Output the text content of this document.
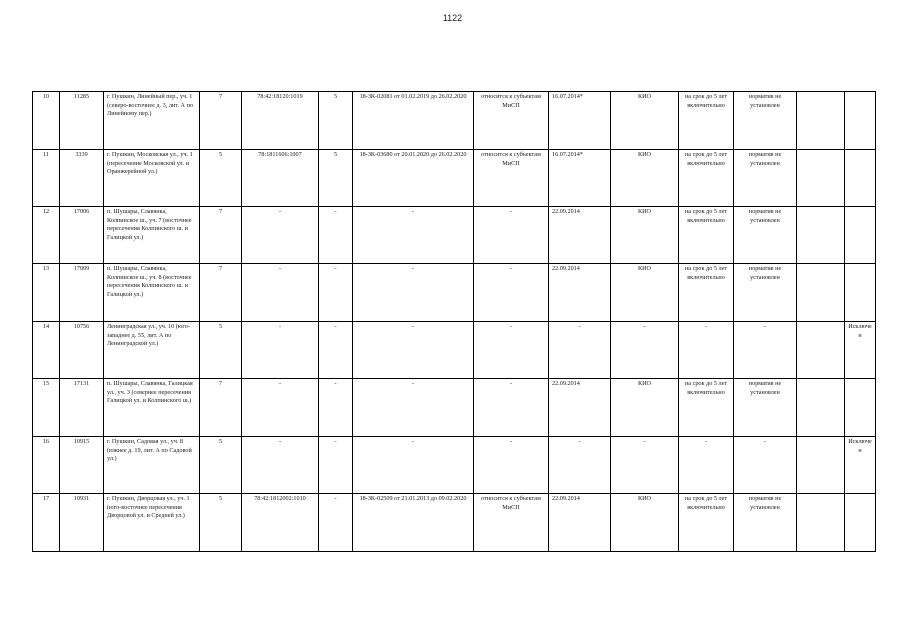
1122
10	11285	г. Пушкин, Линейный пер., уч. 1 (северо-восточнее д. 3, лит. А по Линейному пер.)	7	78:42:18120:1019	5	18-ЗК-02081 от 01.02.2019 до 26.02.2020	относится к субъектам МиСП	16.07.2014*	КИО	на срок до 5 лет включительно	норматив не установлен		
11	3339	г. Пушкин, Московская ул., уч. 1 (пересечение Московской ул. и Оранжерейной ул.)	5	78:1811606:1007	5	18-ЗК-03680 от 20.01.2020 до 26.02.2020	относится к субъектам МиСП	16.07.2014*	КИО	на срок до 5 лет включительно	норматив не установлен		
12	17006	п. Шушары, Славянка, Колпинское ш., уч. 7 (восточнее пересечения Колпинского ш. и Галицкой ул.)	7	-	-	-	-	22.09.2014	КИО	на срок до 5 лет включительно	норматив не установлен		
13	17009	п. Шушары, Славянка, Колпинское ш., уч. 8 (восточнее пересечения Колпинского ш. и Галицкой ул.)	7	-	-	-	-	22.09.2014	КИО	на срок до 5 лет включительно	норматив не установлен		
14	10756	Ленинградская ул., уч. 10 (юго-западнее д. 55, лит. А по Ленинградской ул.)	5	-	-	-	-	-	-	-	-		Исключен
15	17131	п. Шушары, Славянка, Галицкая ул., уч. 3 (севернее пересечения Галицкой ул. и Колпинского ш.)	7	-	-	-	-	22.09.2014	КИО	на срок до 5 лет включительно	норматив не установлен		
16	10915	г. Пушкин, Садовая ул., уч. 8 (южнее д. 19, лит. А по Садовой ул.)	5	-	-	-	-	-	-	-	-		Исключен
17	10931	г. Пушкин, Дворцовая ул., уч. 1 (юго-восточнее пересечения Дворцовой ул. и Средней ул.)	5	78:42:1812002:1010	-	18-ЗК-02509 от 21.01.2013 до 09.02.2020	относится к субъектам МиСП	22.09.2014	КИО	на срок до 5 лет включительно	норматив не установлен		
